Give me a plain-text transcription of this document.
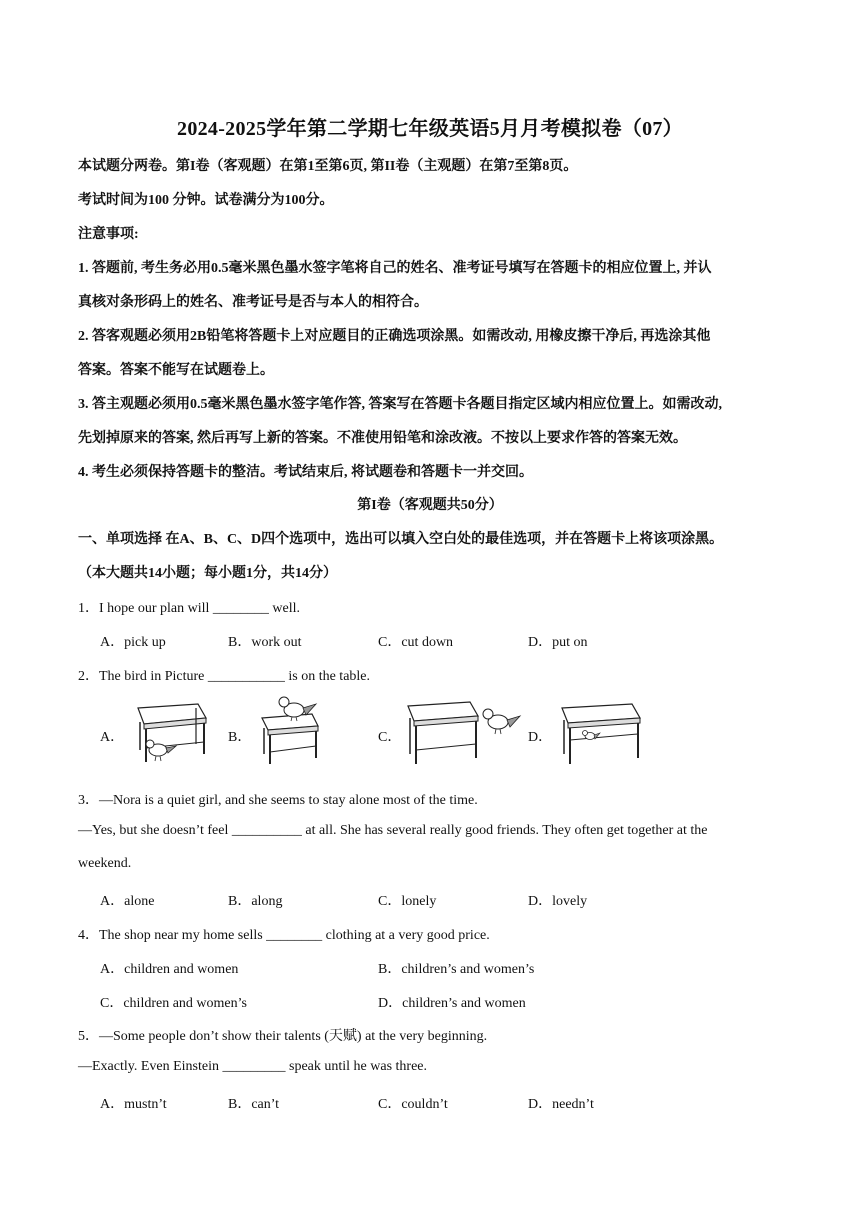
2024-2025学年第二学期七年级英语5月月考模拟卷（07）
本试题分两卷。第I卷（客观题）在第1至第6页, 第II卷（主观题）在第7至第8页。
考试时间为100 分钟。试卷满分为100分。
注意事项:
1. 答题前, 考生务必用0.5毫米黑色墨水签字笔将自己的姓名、准考证号填写在答题卡的相应位置上, 并认
真核对条形码上的姓名、准考证号是否与本人的相符合。
2. 答客观题必须用2B铅笔将答题卡上对应题目的正确选项涂黑。如需改动, 用橡皮擦干净后, 再选涂其他
答案。答案不能写在试题卷上。
3. 答主观题必须用0.5毫米黑色墨水签字笔作答, 答案写在答题卡各题目指定区域内相应位置上。如需改动,
先划掉原来的答案, 然后再写上新的答案。不准使用铅笔和涂改液。不按以上要求作答的答案无效。
4. 考生必须保持答题卡的整洁。考试结束后, 将试题卷和答题卡一并交回。
第I卷（客观题共50分）
一、单项选择 在A、B、C、D四个选项中，选出可以填入空白处的最佳选项，并在答题卡上将该项涂黑。
（本大题共14小题；每小题1分，共14分）
1．I hope our plan will ________ well.
A．pick up	B．work out	C．cut down	D．put on
2．The bird in Picture ___________ is on the table.
A．	B．	C．	D．
3．—Nora is a quiet girl, and she seems to stay alone most of the time.
—Yes, but she doesn’t feel __________ at all. She has several really good friends. They often get together at the
weekend.
A．alone	B．along	C．lonely	D．lovely
4．The shop near my home sells ________ clothing at a very good price.
A．children and women	B．children’s and women’s
C．children and women’s	D．children’s and women
5．—Some people don’t show their talents (天赋) at the very beginning.
—Exactly. Even Einstein _________ speak until he was three.
A．mustn’t	B．can’t	C．couldn’t	D．needn’t
